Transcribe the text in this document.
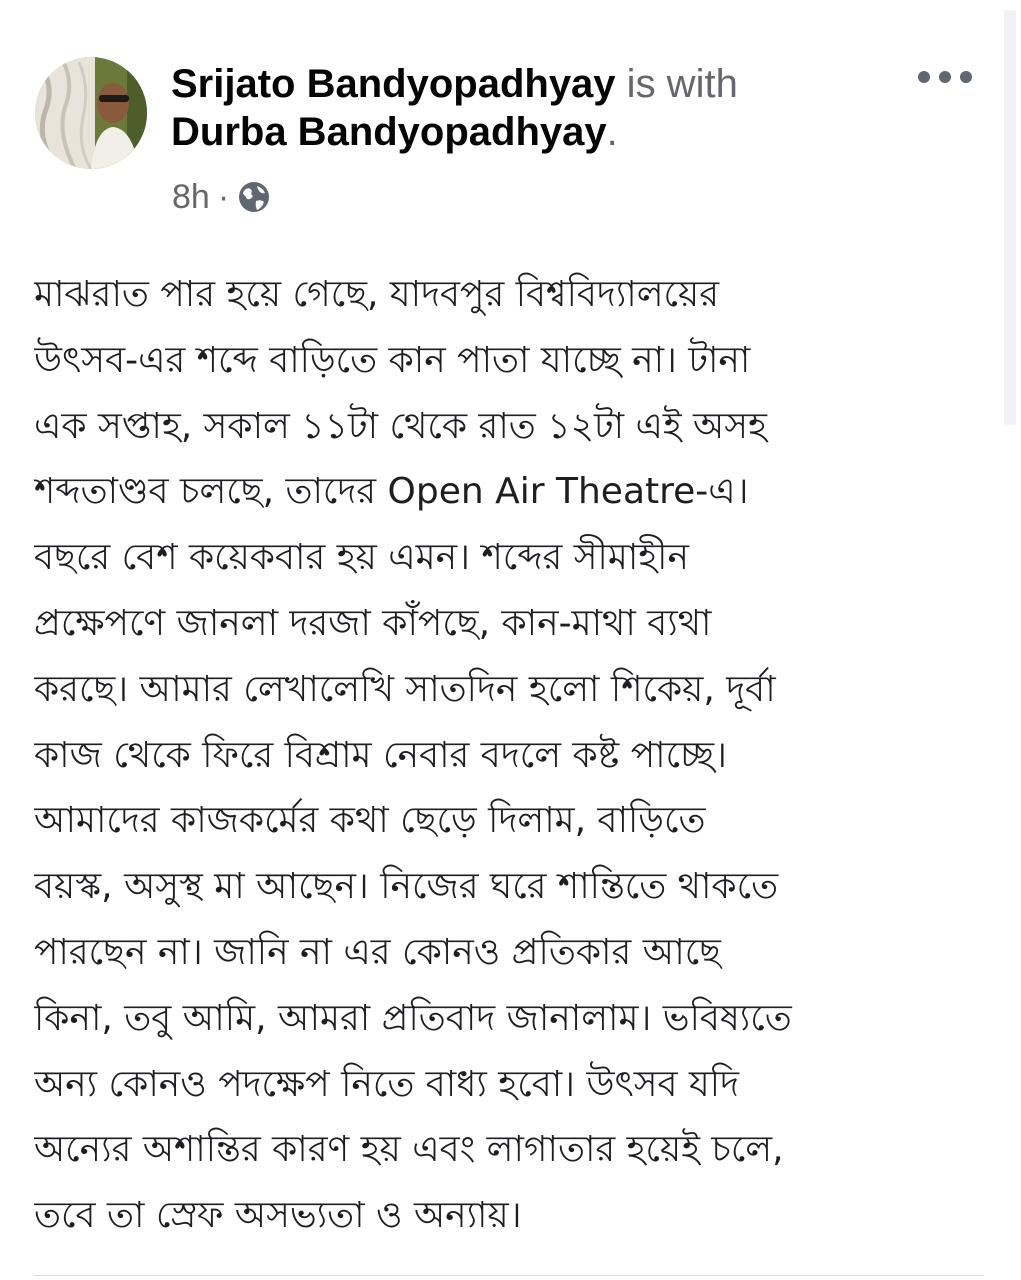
Srijato Bandyopadhyay is with
Durba Bandyopadhyay.
8h ·
মাঝরাত পার হয়ে গেছে, যাদবপুর বিশ্ববিদ্যালয়ের
উৎসব-এর শব্দে বাড়িতে কান পাতা যাচ্ছে না। টানা
এক সপ্তাহ, সকাল ১১টা থেকে রাত ১২টা এই অসহ
শব্দতাণ্ডব চলছে, তাদের Open Air Theatre-এ।
বছরে বেশ কয়েকবার হয় এমন। শব্দের সীমাহীন
প্রক্ষেপণে জানলা দরজা কাঁপছে, কান-মাথা ব্যথা
করছে। আমার লেখালেখি সাতদিন হলো শিকেয়, দূর্বা
কাজ থেকে ফিরে বিশ্রাম নেবার বদলে কষ্ট পাচ্ছে।
আমাদের কাজকর্মের কথা ছেড়ে দিলাম, বাড়িতে
বয়স্ক, অসুস্থ মা আছেন। নিজের ঘরে শান্তিতে থাকতে
পারছেন না। জানি না এর কোনও প্রতিকার আছে
কিনা, তবু আমি, আমরা প্রতিবাদ জানালাম। ভবিষ্যতে
অন্য কোনও পদক্ষেপ নিতে বাধ্য হবো। উৎসব যদি
অন্যের অশান্তির কারণ হয় এবং লাগাতার হয়েই চলে,
তবে তা স্রেফ অসভ্যতা ও অন্যায়।
